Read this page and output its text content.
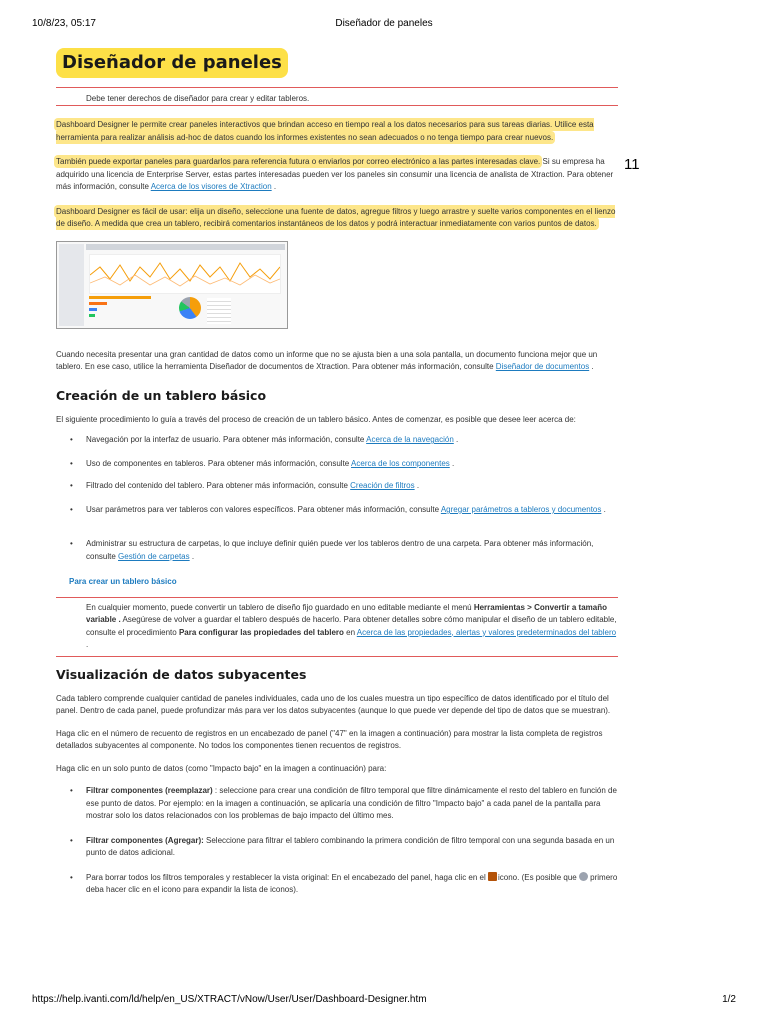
10/8/23, 05:17	Diseñador de paneles
11
Diseñador de paneles
Debe tener derechos de diseñador para crear y editar tableros.

Dashboard Designer le permite crear paneles interactivos que brindan acceso en tiempo real a los datos necesarios para sus tareas diarias. Utilice esta herramienta para realizar análisis ad-hoc de datos cuando los informes existentes no sean adecuados o no tenga tiempo para crear nuevos.

También puede exportar paneles para guardarlos para referencia futura o enviarlos por correo electrónico a las partes interesadas clave. Si su empresa ha adquirido una licencia de Enterprise Server, estas partes interesadas pueden ver los paneles sin consumir una licencia de analista de Xtraction. Para obtener más información, consulte Acerca de los visores de Xtraction .

Dashboard Designer es fácil de usar: elija un diseño, seleccione una fuente de datos, agregue filtros y luego arrastre y suelte varios componentes en el lienzo de diseño. A medida que crea un tablero, recibirá comentarios instantáneos de los datos y podrá interactuar inmediatamente con varios puntos de datos.

Cuando necesita presentar una gran cantidad de datos como un informe que no se ajusta bien a una sola pantalla, un documento funciona mejor que un tablero. En ese caso, utilice la herramienta Diseñador de documentos de Xtraction. Para obtener más información, consulte Diseñador de documentos .

Creación de un tablero básico

El siguiente procedimiento lo guía a través del proceso de creación de un tablero básico. Antes de comenzar, es posible que desee leer acerca de:

• Navegación por la interfaz de usuario. Para obtener más información, consulte Acerca de la navegación .
• Uso de componentes en tableros. Para obtener más información, consulte Acerca de los componentes .
• Filtrado del contenido del tablero. Para obtener más información, consulte Creación de filtros .
• Usar parámetros para ver tableros con valores específicos. Para obtener más información, consulte Agregar parámetros a tableros y documentos .
• Administrar su estructura de carpetas, lo que incluye definir quién puede ver los tableros dentro de una carpeta. Para obtener más información, consulte Gestión de carpetas .
Para crear un tablero básico
En cualquier momento, puede convertir un tablero de diseño fijo guardado en uno editable mediante el menú Herramientas > Convertir a tamaño variable . Asegúrese de volver a guardar el tablero después de hacerlo. Para obtener detalles sobre cómo manipular el diseño de un tablero editable, consulte el procedimiento Para configurar las propiedades del tablero en Acerca de las propiedades, alertas y valores predeterminados del tablero .
Visualización de datos subyacentes

Cada tablero comprende cualquier cantidad de paneles individuales, cada uno de los cuales muestra un tipo específico de datos identificado por el título del panel. Dentro de cada panel, puede profundizar más para ver los datos subyacentes (aunque lo que puede ver depende del tipo de datos que se muestran).

Haga clic en el número de recuento de registros en un encabezado de panel ("47" en la imagen a continuación) para mostrar la lista completa de registros detallados subyacentes al componente. No todos los componentes tienen recuentos de registros.

Haga clic en un solo punto de datos (como "Impacto bajo" en la imagen a continuación) para:

• Filtrar componentes (reemplazar) : seleccione para crear una condición de filtro temporal que filtre dinámicamente el resto del tablero en función de ese punto de datos. Por ejemplo: en la imagen a continuación, se aplicaría una condición de filtro "Impacto bajo" a cada panel de la pantalla para mostrar solo los datos relacionados con los problemas de bajo impacto del último mes.
• Filtrar componentes (Agregar): Seleccione para filtrar el tablero combinando la primera condición de filtro temporal con una segunda basada en un punto de datos adicional.
• Para borrar todos los filtros temporales y restablecer la vista original: En el encabezado del panel, haga clic en el icono. (Es posible que  primero deba hacer clic en el icono para expandir la lista de iconos).
https://help.ivanti.com/ld/help/en_US/XTRACT/vNow/User/User/Dashboard-Designer.htm	1/2
